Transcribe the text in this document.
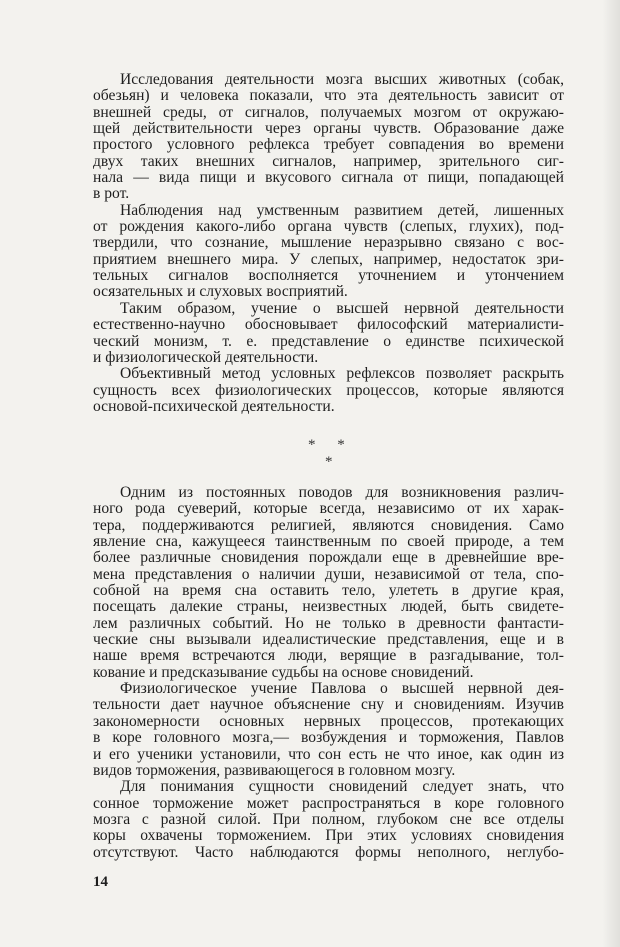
Исследования деятельности мозга высших животных (собак,
обезьян) и человека показали, что эта деятельность зависит от
внешней среды, от сигналов, получаемых мозгом от окружаю-
щей действительности через органы чувств. Образование даже
простого условного рефлекса требует совпадения во времени
двух таких внешних сигналов, например, зрительного сиг-
нала — вида пищи и вкусового сигнала от пищи, попадающей
в рот.
Наблюдения над умственным развитием детей, лишенных
от рождения какого-либо органа чувств (слепых, глухих), под-
твердили, что сознание, мышление неразрывно связано с вос-
приятием внешнего мира. У слепых, например, недостаток зри-
тельных сигналов восполняется уточнением и утончением
осязательных и слуховых восприятий.
Таким образом, учение о высшей нервной деятельности
естественно-научно обосновывает философский материалисти-
ческий монизм, т. е. представление о единстве психической
и физиологической деятельности.
Объективный метод условных рефлексов позволяет раскрыть
сущность всех физиологических процессов, которые являются
основой-психической деятельности.
* *
*
Одним из постоянных поводов для возникновения различ-
ного рода суеверий, которые всегда, независимо от их харак-
тера, поддерживаются религией, являются сновидения. Само
явление сна, кажущееся таинственным по своей природе, а тем
более различные сновидения порождали еще в древнейшие вре-
мена представления о наличии души, независимой от тела, спо-
собной на время сна оставить тело, улететь в другие края,
посещать далекие страны, неизвестных людей, быть свидете-
лем различных событий. Но не только в древности фантасти-
ческие сны вызывали идеалистические представления, еще и в
наше время встречаются люди, верящие в разгадывание, тол-
кование и предсказывание судьбы на основе сновидений.
Физиологическое учение Павлова о высшей нервной дея-
тельности дает научное объяснение сну и сновидениям. Изучив
закономерности основных нервных процессов, протекающих
в коре головного мозга,— возбуждения и торможения, Павлов
и его ученики установили, что сон есть не что иное, как один из
видов торможения, развивающегося в головном мозгу.
Для понимания сущности сновидений следует знать, что
сонное торможение может распространяться в коре головного
мозга с разной силой. При полном, глубоком сне все отделы
коры охвачены торможением. При этих условиях сновидения
отсутствуют. Часто наблюдаются формы неполного, неглубо-
14
